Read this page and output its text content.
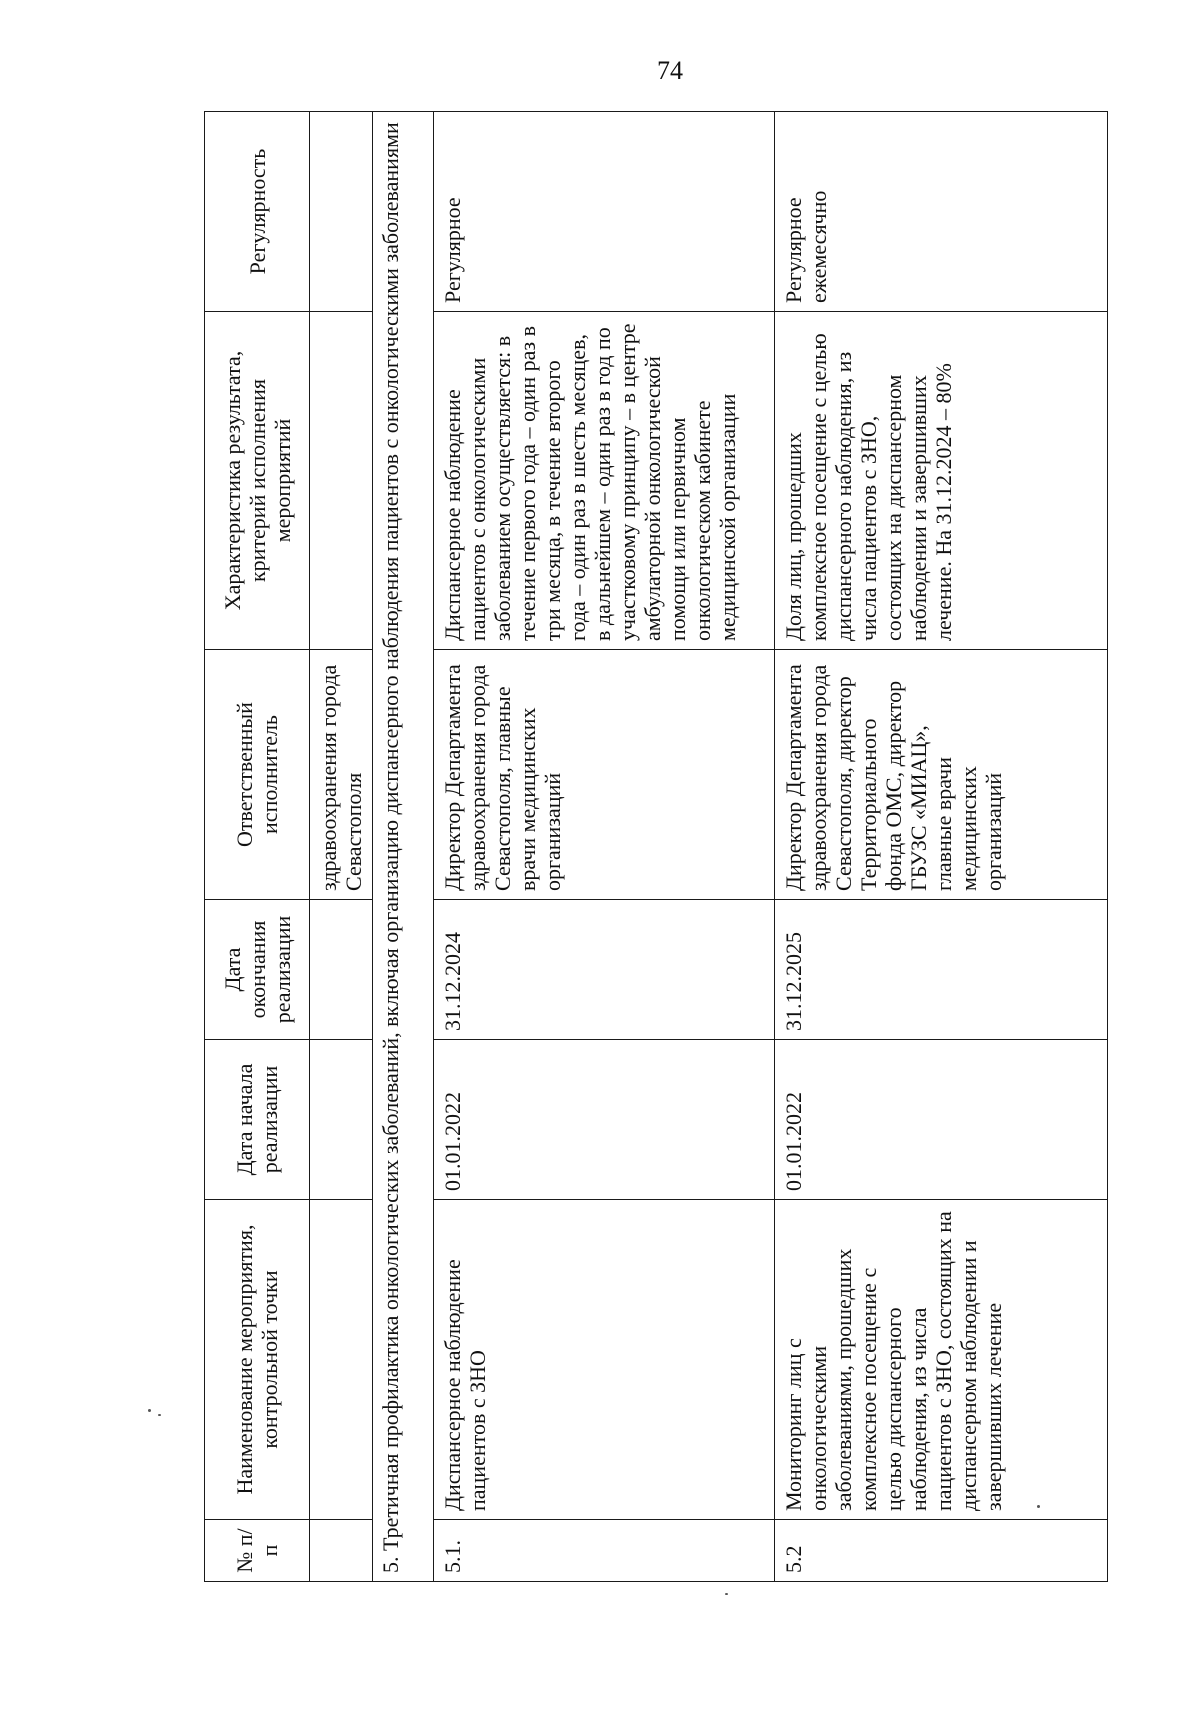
74
№ п/п	Наименование мероприятия, контрольной точки	Дата начала реализации	Дата окончания реализации	Ответственный исполнитель	Характеристика результата, критерий исполнения мероприятий	Регулярность
				здравоохранения города Севастополя		
5. Третичная профилактика онкологических заболеваний, включая организацию диспансерного наблюдения пациентов с онкологическими заболеваниями						
5.1.	Диспансерное наблюдение пациентов с ЗНО	01.01.2022	31.12.2024	Директор Департамента здравоохранения города Севастополя, главные врачи медицинских организаций	Диспансерное наблюдение пациентов с онкологическими заболеванием осуществляется: в течение первого года – один раз в три месяца, в течение второго года – один раз в шесть месяцев, в дальнейшем – один раз в год по участковому принципу – в центре амбулаторной онкологической помощи или первичном онкологическом кабинете медицинской организации	Регулярное
5.2	Мониторинг лиц с онкологическими заболеваниями, прошедших комплексное посещение с целью диспансерного наблюдения, из числа пациентов с ЗНО, состоящих на диспансерном наблюдении и завершивших лечение	01.01.2022	31.12.2025	Директор Департамента здравоохранения города Севастополя, директор Территориального фонда ОМС, директор ГБУЗС «МИАЦ», главные врачи медицинских организаций	Доля лиц, прошедших комплексное посещение с целью диспансерного наблюдения, из числа пациентов с ЗНО, состоящих на диспансерном наблюдении и завершивших лечение. На 31.12.2024 – 80%	Регулярное ежемесячно
